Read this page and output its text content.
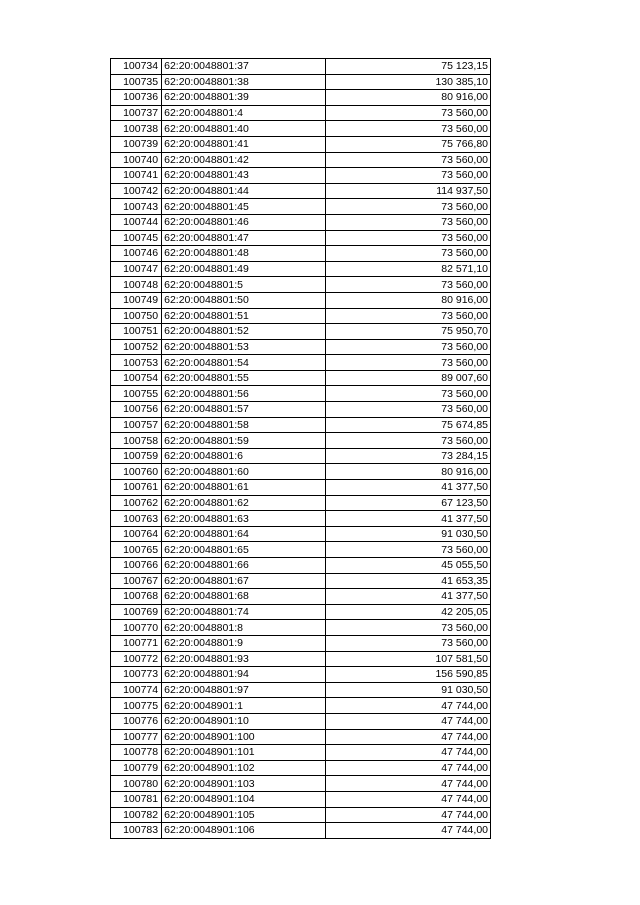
100734	62:20:0048801:37	75 123,15
100735	62:20:0048801:38	130 385,10
100736	62:20:0048801:39	80 916,00
100737	62:20:0048801:4	73 560,00
100738	62:20:0048801:40	73 560,00
100739	62:20:0048801:41	75 766,80
100740	62:20:0048801:42	73 560,00
100741	62:20:0048801:43	73 560,00
100742	62:20:0048801:44	114 937,50
100743	62:20:0048801:45	73 560,00
100744	62:20:0048801:46	73 560,00
100745	62:20:0048801:47	73 560,00
100746	62:20:0048801:48	73 560,00
100747	62:20:0048801:49	82 571,10
100748	62:20:0048801:5	73 560,00
100749	62:20:0048801:50	80 916,00
100750	62:20:0048801:51	73 560,00
100751	62:20:0048801:52	75 950,70
100752	62:20:0048801:53	73 560,00
100753	62:20:0048801:54	73 560,00
100754	62:20:0048801:55	89 007,60
100755	62:20:0048801:56	73 560,00
100756	62:20:0048801:57	73 560,00
100757	62:20:0048801:58	75 674,85
100758	62:20:0048801:59	73 560,00
100759	62:20:0048801:6	73 284,15
100760	62:20:0048801:60	80 916,00
100761	62:20:0048801:61	41 377,50
100762	62:20:0048801:62	67 123,50
100763	62:20:0048801:63	41 377,50
100764	62:20:0048801:64	91 030,50
100765	62:20:0048801:65	73 560,00
100766	62:20:0048801:66	45 055,50
100767	62:20:0048801:67	41 653,35
100768	62:20:0048801:68	41 377,50
100769	62:20:0048801:74	42 205,05
100770	62:20:0048801:8	73 560,00
100771	62:20:0048801:9	73 560,00
100772	62:20:0048801:93	107 581,50
100773	62:20:0048801:94	156 590,85
100774	62:20:0048801:97	91 030,50
100775	62:20:0048901:1	47 744,00
100776	62:20:0048901:10	47 744,00
100777	62:20:0048901:100	47 744,00
100778	62:20:0048901:101	47 744,00
100779	62:20:0048901:102	47 744,00
100780	62:20:0048901:103	47 744,00
100781	62:20:0048901:104	47 744,00
100782	62:20:0048901:105	47 744,00
100783	62:20:0048901:106	47 744,00
